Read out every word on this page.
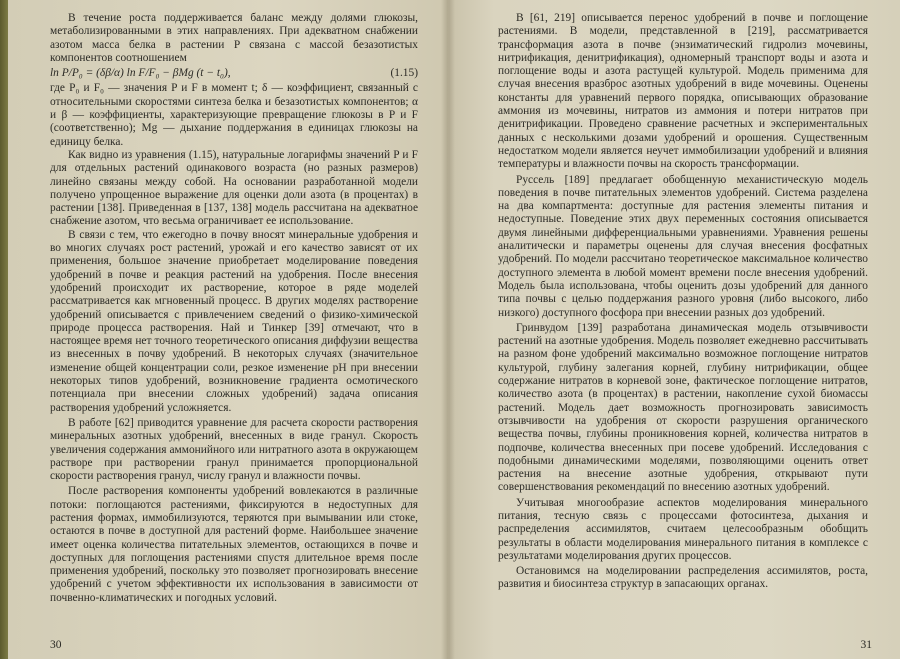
В течение роста поддерживается баланс между долями глюкозы, метаболизированными в этих направлениях. При адекватном снабжении азотом масса белка в растении P связана с массой безазотистых компонентов соотношением

ln P/P₀ = (δβ/α) ln F/F₀ − βMg (t − t₀),	(1.15)

где P₀ и F₀ — значения P и F в момент t; δ — коэффициент, связанный с относительными скоростями синтеза белка и безазотистых компонентов; α и β — коэффициенты, характеризующие превращение глюкозы в P и F (соответственно); Mg — дыхание поддержания в единицах глюкозы на единицу белка.

Как видно из уравнения (1.15), натуральные логарифмы значений P и F для отдельных растений одинакового возраста (но разных размеров) линейно связаны между собой. На основании разработанной модели получено упрощенное выражение для оценки доли азота (в процентах) в растении [138]. Приведенная в [137, 138] модель рассчитана на адекватное снабжение азотом, что весьма ограничивает ее использование.

В связи с тем, что ежегодно в почву вносят минеральные удобрения и во многих случаях рост растений, урожай и его качество зависят от их применения, большое значение приобретает моделирование поведения удобрений в почве и реакция растений на удобрения. После внесения удобрений происходит их растворение, которое в ряде моделей рассматривается как мгновенный процесс. В других моделях растворение удобрений описывается с привлечением сведений о физико-химической природе процесса растворения. Най и Тинкер [39] отмечают, что в настоящее время нет точного теоретического описания диффузии вещества из внесенных в почву удобрений. В некоторых случаях (значительное изменение общей концентрации соли, резкое изменение pH при внесении некоторых типов удобрений, возникновение градиента осмотического потенциала при внесении сложных удобрений) задача описания растворения удобрений усложняется.

В работе [62] приводится уравнение для расчета скорости растворения минеральных азотных удобрений, внесенных в виде гранул. Скорость увеличения содержания аммонийного или нитратного азота в окружающем растворе при растворении гранул принимается пропорциональной скорости растворения гранул, числу гранул и влажности почвы.

После растворения компоненты удобрений вовлекаются в различные потоки: поглощаются растениями, фиксируются в недоступных для растения формах, иммобилизуются, теряются при вымывании или стоке, остаются в почве в доступной для растений форме. Наибольшее значение имеет оценка количества питательных элементов, остающихся в почве и доступных для поглощения растениями спустя длительное время после применения удобрений, поскольку это позволяет прогнозировать внесение удобрений с учетом эффективности их использования в зависимости от почвенно-климатических и погодных условий.

30

В [61, 219] описывается перенос удобрений в почве и поглощение растениями. В модели, представленной в [219], рассматривается трансформация азота в почве (энзиматический гидролиз мочевины, нитрификация, денитрификация), одномерный транспорт воды и азота и поглощение воды и азота растущей культурой. Модель применима для случая внесения вразброс азотных удобрений в виде мочевины. Оценены константы для уравнений первого порядка, описывающих образование аммония из мочевины, нитратов из аммония и потери нитратов при денитрификации. Проведено сравнение расчетных и экспериментальных данных с несколькими дозами удобрений и орошения. Существенным недостатком модели является неучет иммобилизации удобрений и влияния температуры и влажности почвы на скорость трансформации.

Руссель [189] предлагает обобщенную механистическую модель поведения в почве питательных элементов удобрений. Система разделена на два компартмента: доступные для растения элементы питания и недоступные. Поведение этих двух переменных состояния описывается двумя линейными дифференциальными уравнениями. Уравнения решены аналитически и параметры оценены для случая внесения фосфатных удобрений. По модели рассчитано теоретическое максимальное количество доступного элемента в любой момент времени после внесения удобрений. Модель была использована, чтобы оценить дозы удобрений для данного типа почвы с целью поддержания разного уровня (либо высокого, либо низкого) доступного фосфора при внесении разных доз удобрений.

Гринвудом [139] разработана динамическая модель отзывчивости растений на азотные удобрения. Модель позволяет ежедневно рассчитывать на разном фоне удобрений максимально возможное поглощение нитратов культурой, глубину залегания корней, глубину нитрификации, общее содержание нитратов в корневой зоне, фактическое поглощение нитратов, количество азота (в процентах) в растении, накопление сухой биомассы растений. Модель дает возможность прогнозировать зависимость отзывчивости на удобрения от скорости разрушения органического вещества почвы, глубины проникновения корней, количества нитратов в подпочве, количества внесенных при посеве удобрений. Исследования с подобными динамическими моделями, позволяющими оценить ответ растения на внесение азотные удобрения, открывают пути совершенствования рекомендаций по внесению азотных удобрений.

Учитывая многообразие аспектов моделирования минерального питания, тесную связь с процессами фотосинтеза, дыхания и распределения ассимилятов, считаем целесообразным обобщить результаты в области моделирования минерального питания в комплексе с результатами моделирования других процессов.

Остановимся на моделировании распределения ассимилятов, роста, развития и биосинтеза структур в запасающих органах.

31
